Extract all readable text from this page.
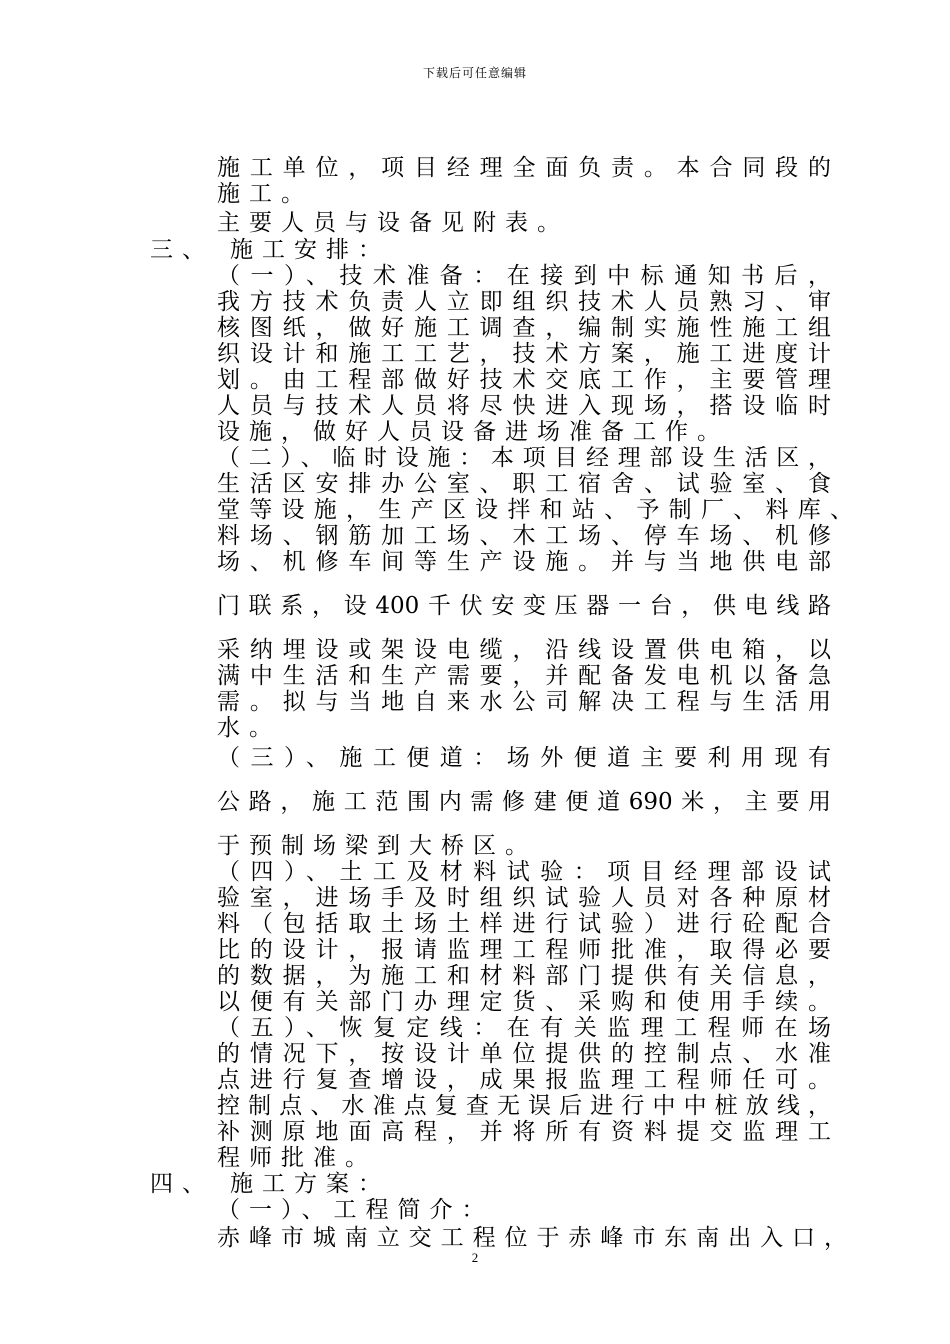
下载后可任意编辑
施工单位，项目经理全面负责。本合同段的
施工。
主要人员与设备见附表。
三、 施工安排：
（一）、技术准备：在接到中标通知书后，
我方技术负责人立即组织技术人员熟习、审
核图纸，做好施工调查，编制实施性施工组
织设计和施工工艺，技术方案，施工进度计
划。由工程部做好技术交底工作，主要管理
人员与技术人员将尽快进入现场，搭设临时
设施，做好人员设备进场准备工作。
（二）、临时设施：本项目经理部设生活区，
生活区安排办公室、职工宿舍、试验室、食
堂等设施，生产区设拌和站、予制厂、料库、
料场、钢筋加工场、木工场、停车场、机修
场、机修车间等生产设施。并与当地供电部
门联系，设400千伏安变压器一台，供电线路
采纳埋设或架设电缆，沿线设置供电箱，以
满中生活和生产需要，并配备发电机以备急
需。拟与当地自来水公司解决工程与生活用
水。
（三）、施工便道：场外便道主要利用现有
公路，施工范围内需修建便道690米，主要用
于预制场梁到大桥区。
（四）、土工及材料试验：项目经理部设试
验室，进场手及时组织试验人员对各种原材
料（包括取土场土样进行试验）进行砼配合
比的设计，报请监理工程师批准，取得必要
的数据，为施工和材料部门提供有关信息，
以便有关部门办理定货、采购和使用手续。
（五）、恢复定线：在有关监理工程师在场
的情况下，按设计单位提供的控制点、水准
点进行复查增设，成果报监理工程师任可。
控制点、水准点复查无误后进行中中桩放线，
补测原地面高程，并将所有资料提交监理工
程师批准。
四、 施工方案：
（一）、工程简介：
赤峰市城南立交工程位于赤峰市东南出入口，
2
